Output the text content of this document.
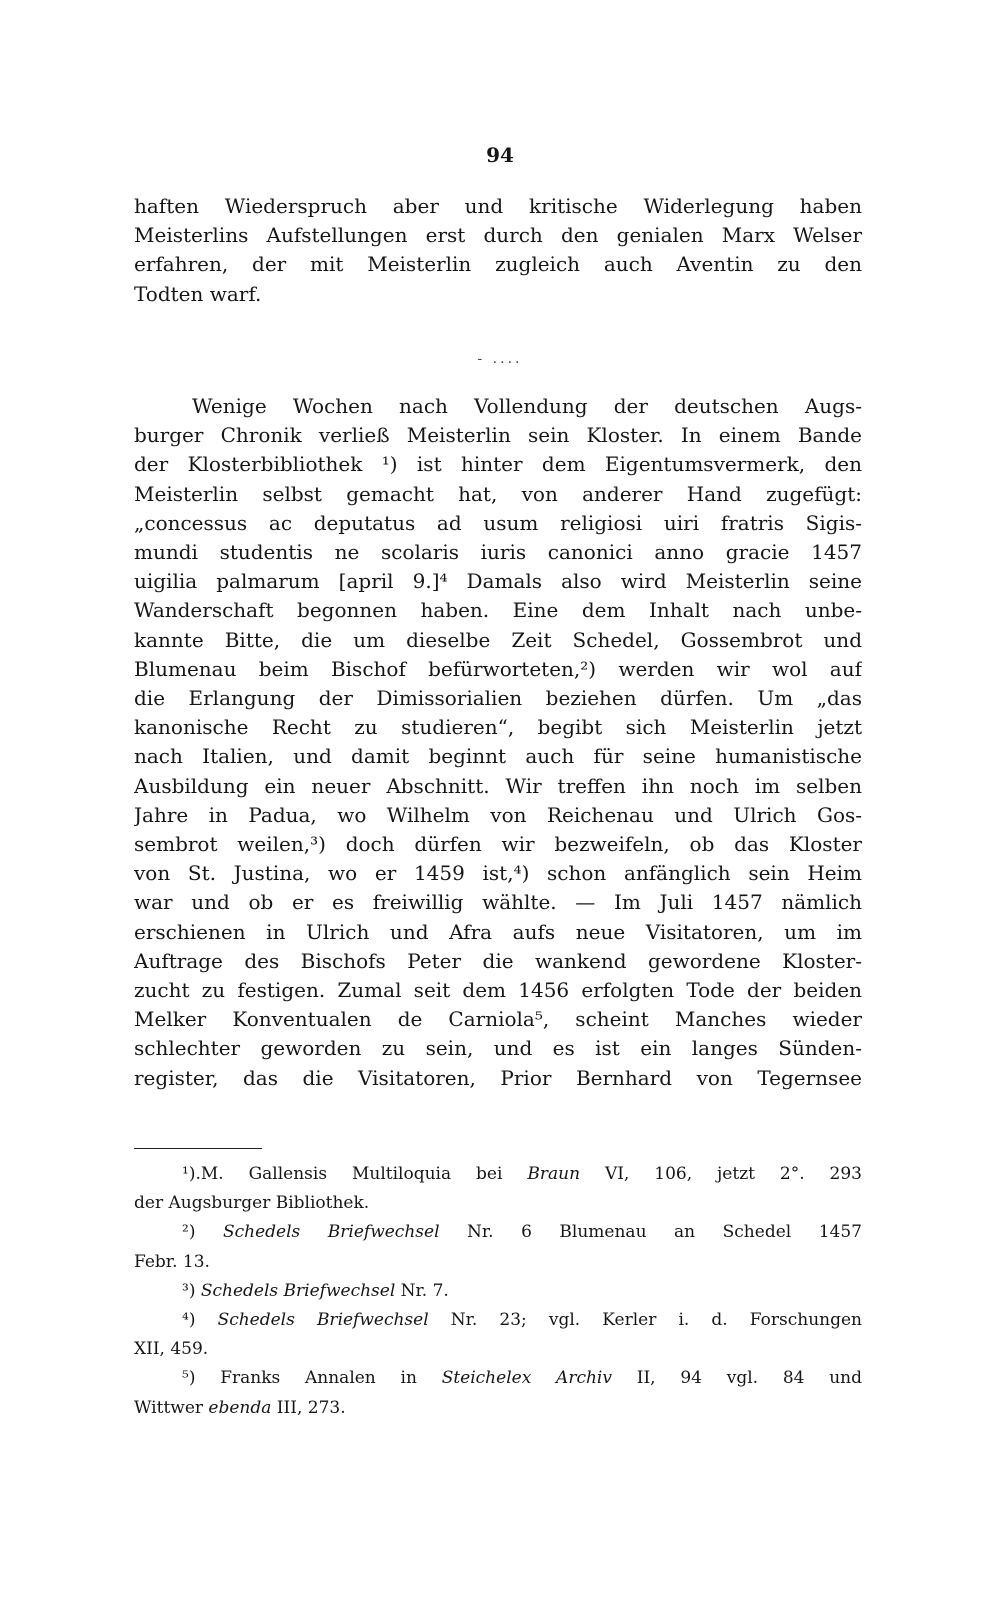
94
haften Wiederspruch aber und kritische Widerlegung haben
Meisterlins Aufstellungen erst durch den genialen Marx Welser
erfahren, der mit Meisterlin zugleich auch Aventin zu den
Todten warf.
- ....
Wenige Wochen nach Vollendung der deutschen Augs-
burger Chronik verließ Meisterlin sein Kloster. In einem Bande
der Klosterbibliothek ¹) ist hinter dem Eigentumsvermerk, den
Meisterlin selbst gemacht hat, von anderer Hand zugefügt:
„concessus ac deputatus ad usum religiosi uiri fratris Sigis-
mundi studentis ne scolaris iuris canonici anno gracie 1457
uigilia palmarum [april 9.]⁴ Damals also wird Meisterlin seine
Wanderschaft begonnen haben. Eine dem Inhalt nach unbe-
kannte Bitte, die um dieselbe Zeit Schedel, Gossembrot und
Blumenau beim Bischof befürworteten,²) werden wir wol auf
die Erlangung der Dimissorialien beziehen dürfen. Um „das
kanonische Recht zu studieren“, begibt sich Meisterlin jetzt
nach Italien, und damit beginnt auch für seine humanistische
Ausbildung ein neuer Abschnitt. Wir treffen ihn noch im selben
Jahre in Padua, wo Wilhelm von Reichenau und Ulrich Gos-
sembrot weilen,³) doch dürfen wir bezweifeln, ob das Kloster
von St. Justina, wo er 1459 ist,⁴) schon anfänglich sein Heim
war und ob er es freiwillig wählte. — Im Juli 1457 nämlich
erschienen in Ulrich und Afra aufs neue Visitatoren, um im
Auftrage des Bischofs Peter die wankend gewordene Kloster-
zucht zu festigen. Zumal seit dem 1456 erfolgten Tode der beiden
Melker Konventualen de Carniola⁵, scheint Manches wieder
schlechter geworden zu sein, und es ist ein langes Sünden-
register, das die Visitatoren, Prior Bernhard von Tegernsee
¹).M. Gallensis Multiloquia bei Braun VI, 106, jetzt 2°. 293
der Augsburger Bibliothek.
²) Schedels Briefwechsel Nr. 6 Blumenau an Schedel 1457
Febr. 13.
³) Schedels Briefwechsel Nr. 7.
⁴) Schedels Briefwechsel Nr. 23; vgl. Kerler i. d. Forschungen
XII, 459.
⁵) Franks Annalen in Steichelex Archiv II, 94 vgl. 84 und
Wittwer ebenda III, 273.
